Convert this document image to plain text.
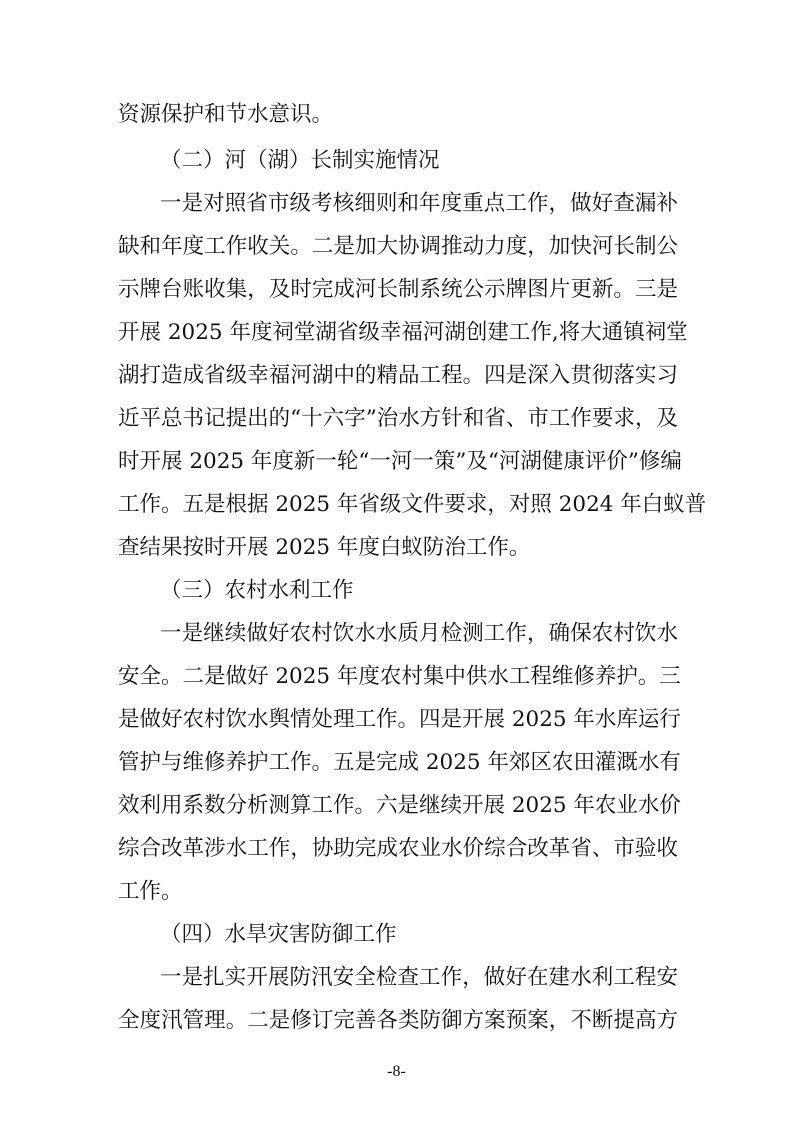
资源保护和节水意识。
（二）河（湖）长制实施情况
一是对照省市级考核细则和年度重点工作，做好查漏补
缺和年度工作收关。二是加大协调推动力度，加快河长制公
示牌台账收集，及时完成河长制系统公示牌图片更新。三是
开展 2025 年度祠堂湖省级幸福河湖创建工作,将大通镇祠堂
湖打造成省级幸福河湖中的精品工程。四是深入贯彻落实习
近平总书记提出的“十六字”治水方针和省、市工作要求，及
时开展 2025 年度新一轮“一河一策”及“河湖健康评价”修编
工作。五是根据 2025 年省级文件要求，对照 2024 年白蚁普
查结果按时开展 2025 年度白蚁防治工作。
（三）农村水利工作
一是继续做好农村饮水水质月检测工作，确保农村饮水
安全。二是做好 2025 年度农村集中供水工程维修养护。三
是做好农村饮水舆情处理工作。四是开展 2025 年水库运行
管护与维修养护工作。五是完成 2025 年郊区农田灌溉水有
效利用系数分析测算工作。六是继续开展 2025 年农业水价
综合改革涉水工作，协助完成农业水价综合改革省、市验收
工作。
（四）水旱灾害防御工作
一是扎实开展防汛安全检查工作，做好在建水利工程安
全度汛管理。二是修订完善各类防御方案预案，不断提高方
-8-
